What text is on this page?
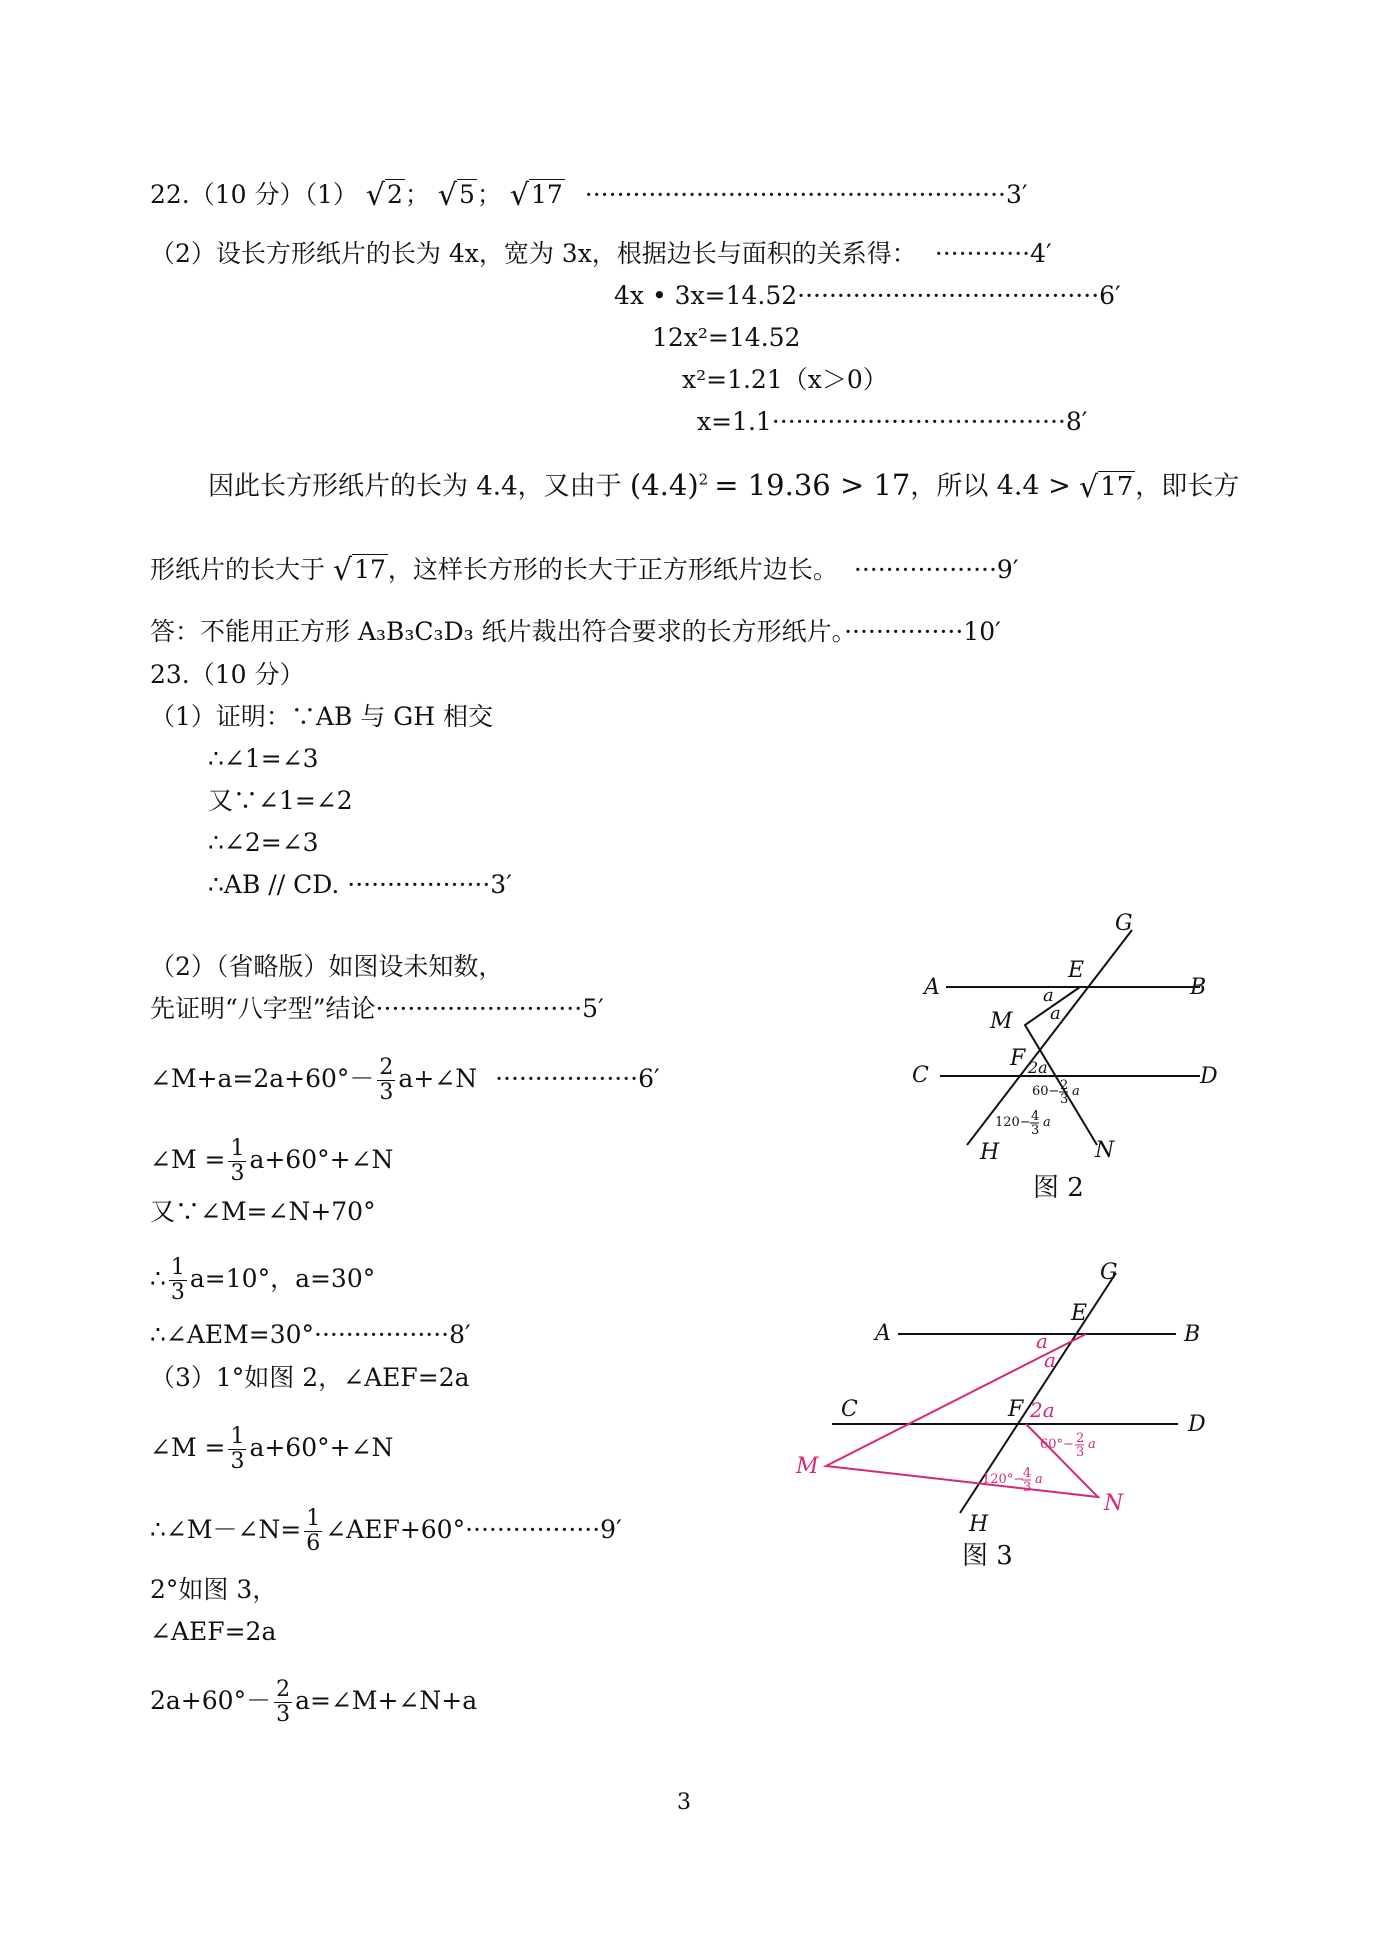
22.（10 分）（1） √2； √5； √17 ·····················································3′
（2）设长方形纸片的长为 4x，宽为 3x，根据边长与面积的关系得： ············4′
4x • 3x=14.52······································6′
12x²=14.52
x²=1.21（x＞0）
x=1.1·····································8′
因此长方形纸片的长为 4.4，又由于 $(4.4)^2 = 19.36 > 17$，所以 4.4 > √17，即长方
形纸片的长大于 √17，这样长方形的长大于正方形纸片边长。 ··················9′
答：不能用正方形 A₃B₃C₃D₃ 纸片裁出符合要求的长方形纸片。···············10′
23.（10 分）
（1）证明：∵AB 与 GH 相交
∴∠1=∠3
又∵∠1=∠2
∴∠2=∠3
∴AB // CD. ··················3′
（2）（省略版）如图设未知数，
先证明“八字型”结论··························5′
∠M+a=2a+60°－ $\frac{2}{3}$ a+∠N ··················6′
∠M = $\frac{1}{3}$ a+60°+∠N
又∵∠M=∠N+70°
∴ $\frac{1}{3} a=10^\circ$，a=30°
∴∠AEM=30°·················8′
（3）1°如图 2，∠AEF=2a
∠M = $\frac{1}{3}$ a+60°+∠N
∴∠M－∠N= $\frac{1}{6}$ ∠AEF+60°·················9′
2°如图 3，
∠AEF=2a
$2a+60^\circ- \frac{2}{3}$ a=∠M+∠N+a
G
A
E
B
M
C
F
D
H	N
a
a
2a
60− 2
3
a
120− 4
3
a
图 2
G
A
E
B
C	F
D
M
H
N
a
a
2a
60°− 2
3
a
120°−
4
3
a
图 3
3
